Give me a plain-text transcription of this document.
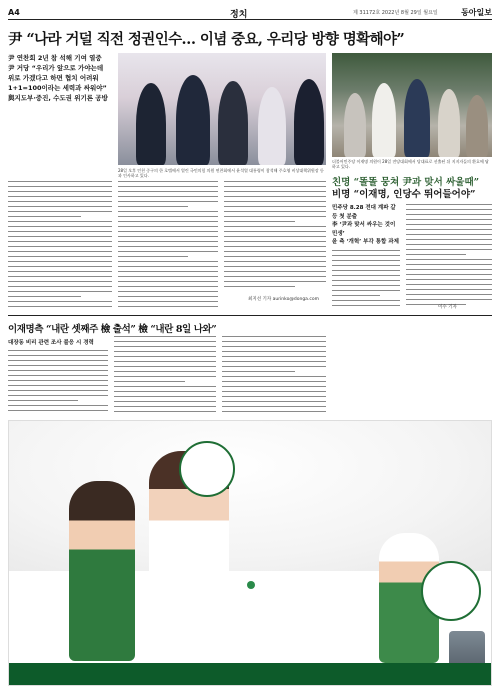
A4	정치	제 31172호 2022년 8월 29일 월요일	동아일보
尹 “나라 거덜 직전 정권인수… 이념 중요, 우리당 방향 명확해야”
尹 연찬회 2년 참 석해 기여 열중
尹 거당 “우리가 앞으로 가야는데
위로 가겠다고 하면 협치 어려워
1+1=100이라는 세력과 싸워야”
與지도부·중진, 수도권 위기론 공방
28일 오후 인천 중구의 한 호텔에서 열린 국민의힘 의원 연찬회에서 윤석열 대통령이 참석해 주호영 비상대책위원장 등과 인사하고 있다.
더불어민주당 이재명 의원이 28일 전당대회에서 당대표로 선출된 뒤 지지자들의 환호에 답하고 있다.
친명 “똘똘 뭉쳐 尹과 맞서 싸울때”
비명 “이재명, 인당수 뛰어들어야”
최지선 기자 aurinko@donga.com
민주당 8.28 전대 계파 갈등 첫 분출
李 ‘尹과 맞서 싸우는 것이 민생’
윤 측 ‘개혁’ 부각 통합 과제
이수 기자
이재명측 “내란 셋째주 檢 출석” 檢 “내란 8일 나와”
대장동 비리 관련 조사 불응 시 경력
